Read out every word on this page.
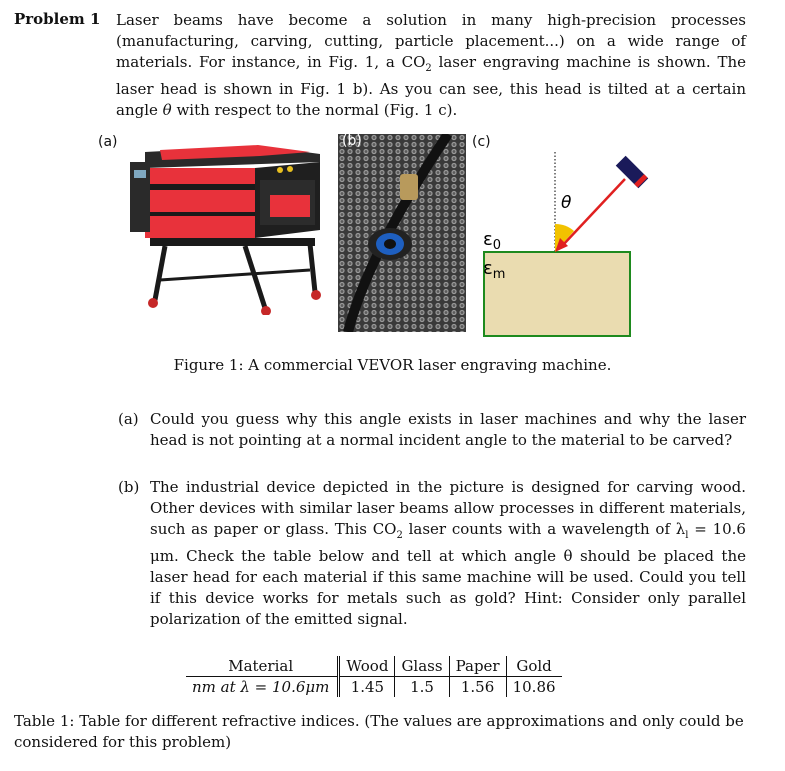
Problem 1 Laser beams have become a solution in many high-precision processes (manufacturing, carving, cutting, particle placement...) on a wide range of materials. For instance, in Fig. 1, a $CO_2$ laser engraving machine is shown. The laser head is shown in Fig. 1 b). As you can see, this head is tilted at a certain angle θ with respect to the normal (Fig. 1 c).
(a)	(b)	(c)
θ
$\varepsilon_0$
$\varepsilon_m$
Figure 1: A commercial VEVOR laser engraving machine.
(a) Could you guess why this angle exists in laser machines and why the laser head is not pointing at a normal incident angle to the material to be carved?
(b) The industrial device depicted in the picture is designed for carving wood. Other devices with similar laser beams allow processes in different materials, such as paper or glass. This $CO_2$ laser counts with a wavelength of $\lambda_l = 10.6$ μm. Check the table below and tell at which angle θ should be placed the laser head for each material if this same machine will be used. Could you tell if this device works for metals such as gold? Hint: Consider only parallel polarization of the emitted signal.
Material	Wood	Glass	Paper	Gold
nm at λ = 10.6μm	1.45	1.5	1.56	10.86
Table 1: Table for different refractive indices. (The values are approximations and only could be considered for this problem)
